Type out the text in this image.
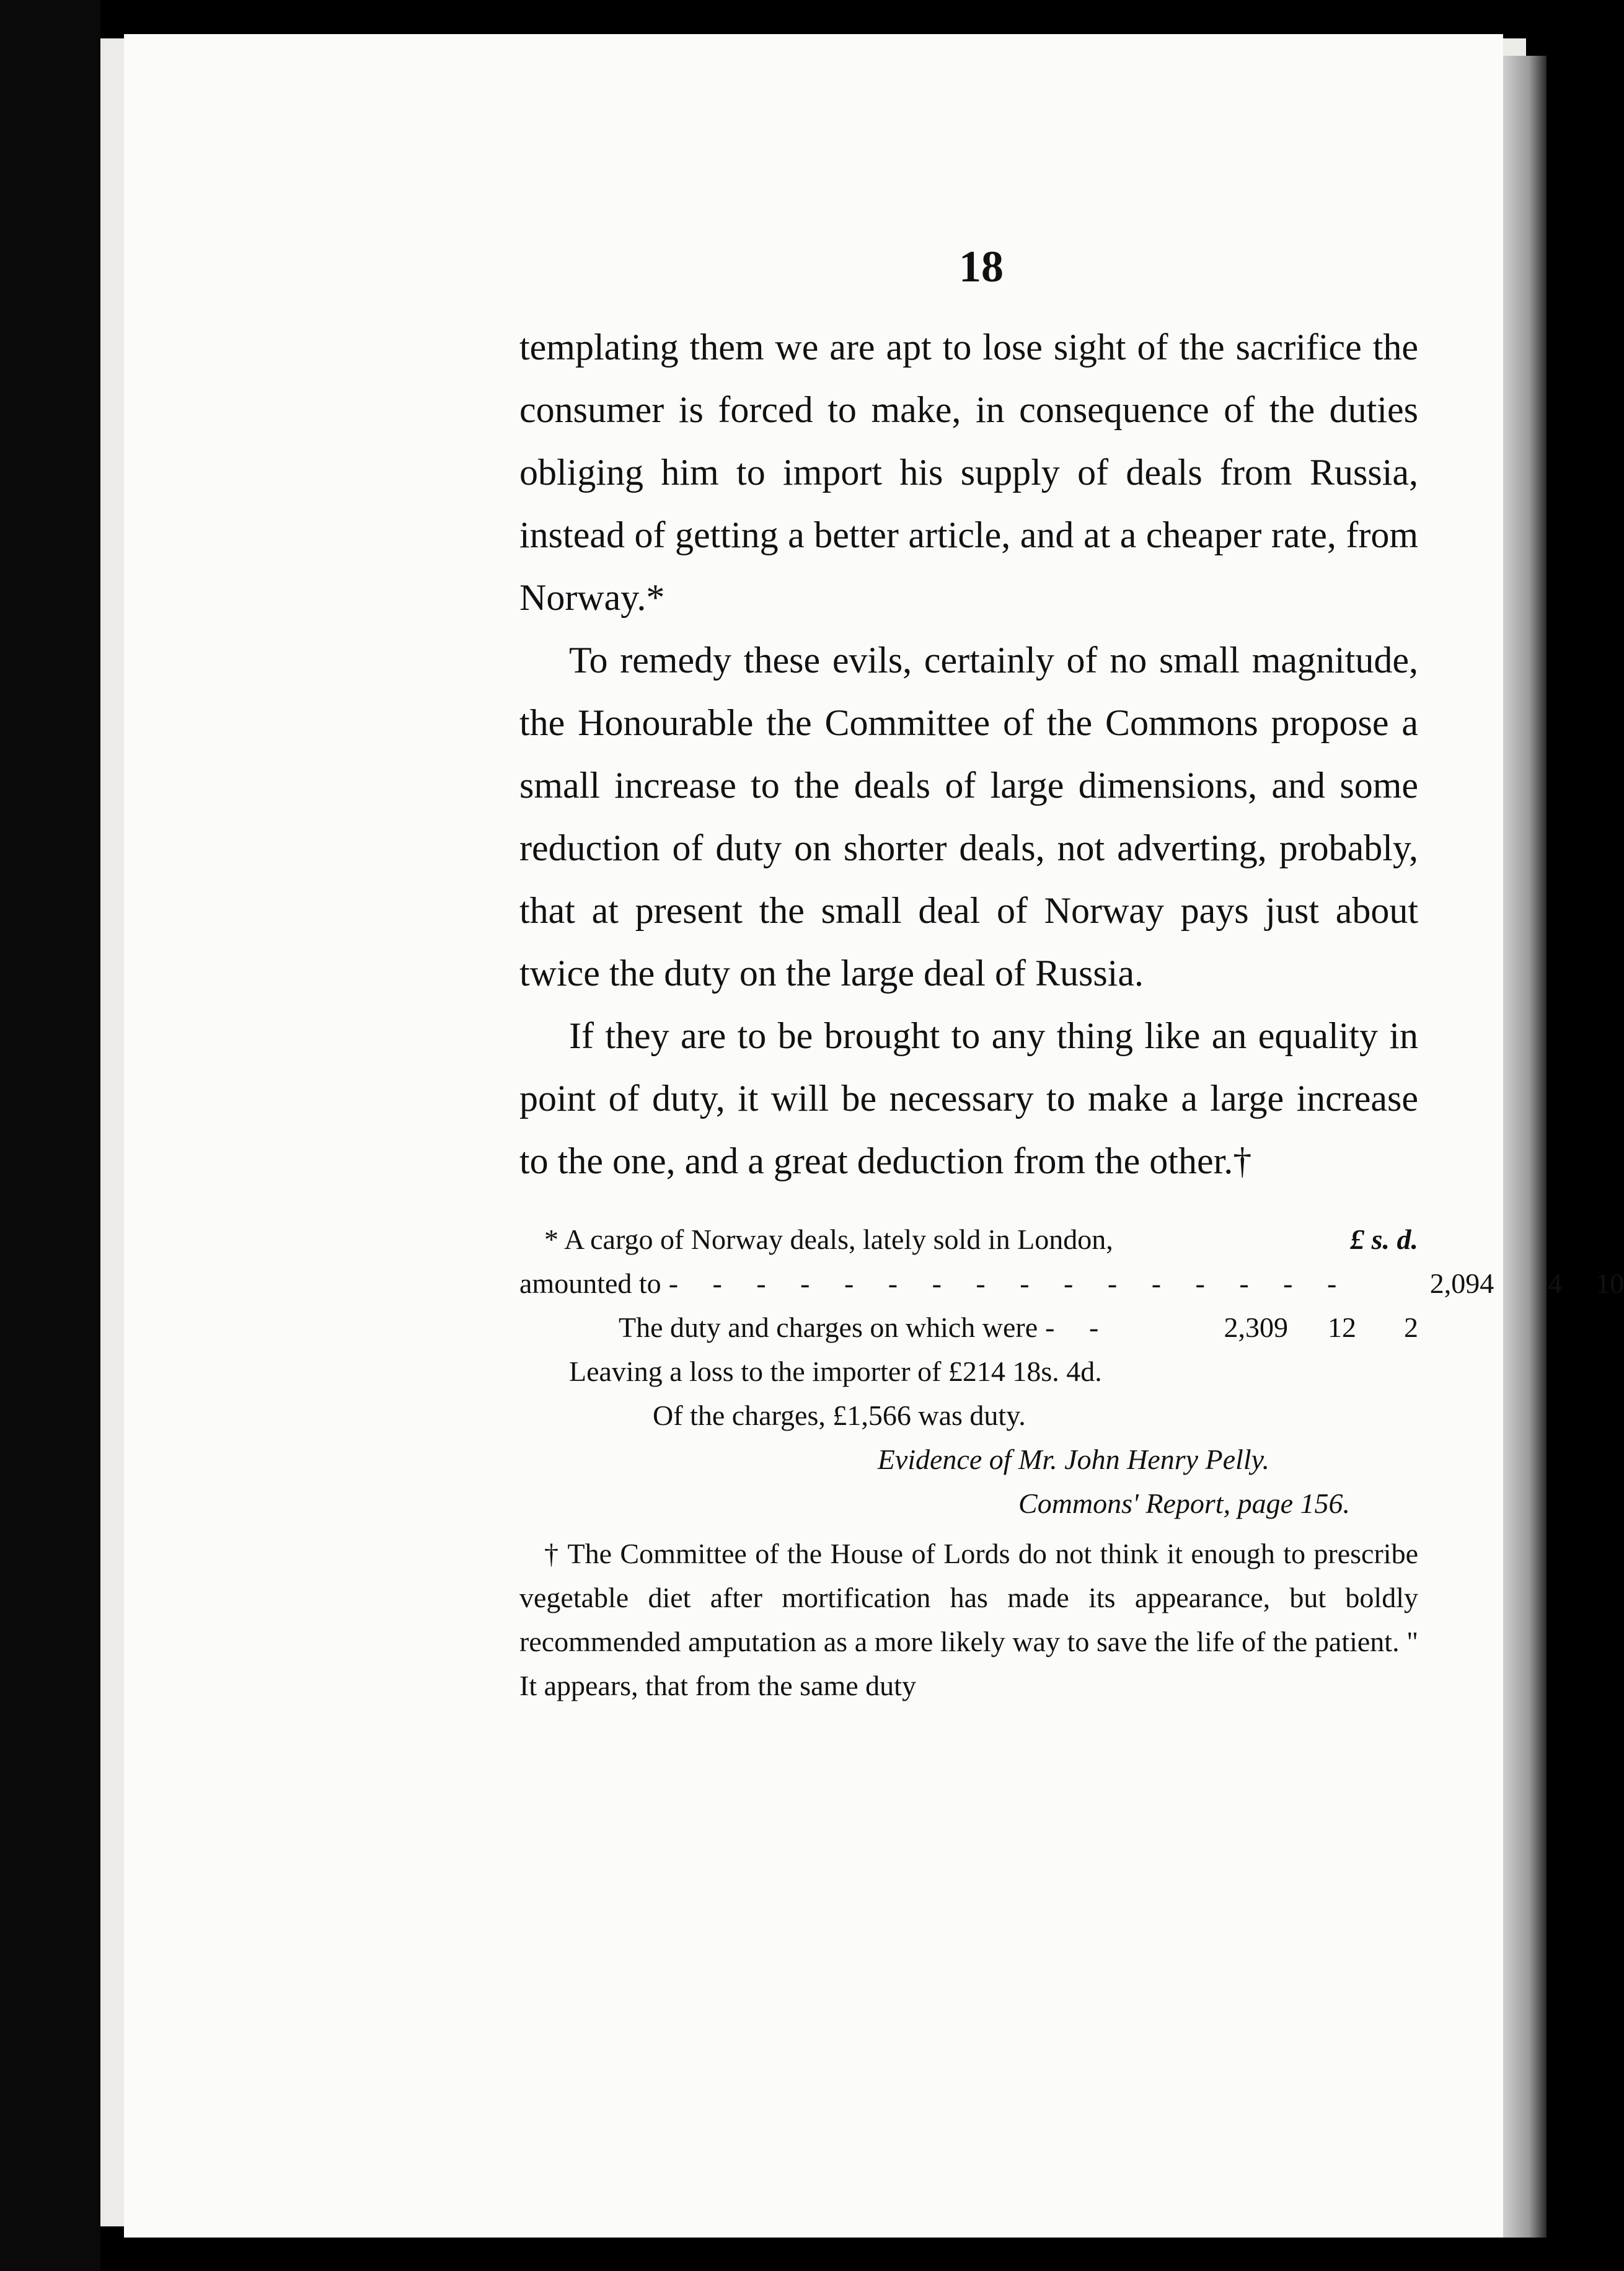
18

templating them we are apt to lose sight of the sacrifice the consumer is forced to make, in consequence of the duties obliging him to import his supply of deals from Russia, instead of getting a better article, and at a cheaper rate, from Norway.*

To remedy these evils, certainly of no small magnitude, the Honourable the Committee of the Commons propose a small increase to the deals of large dimensions, and some reduction of duty on shorter deals, not adverting, probably, that at present the small deal of Norway pays just about twice the duty on the large deal of Russia.

If they are to be brought to any thing like an equality in point of duty, it will be necessary to make a large increase to the one, and a great deduction from the other.†

* A cargo of Norway deals, lately sold in London,	£ s. d.
amounted to - - - - - - - - - - - - - - - -	2,094	4	10
The duty and charges on which were - -	2,309	12	2
Leaving a loss to the importer of £214 18s. 4d.
Of the charges, £1,566 was duty.
Evidence of Mr. John Henry Pelly.
Commons' Report, page 156.
† The Committee of the House of Lords do not think it enough to prescribe vegetable diet after mortification has made its appearance, but boldly recommended amputation as a more likely way to save the life of the patient. " It appears, that from the same duty
